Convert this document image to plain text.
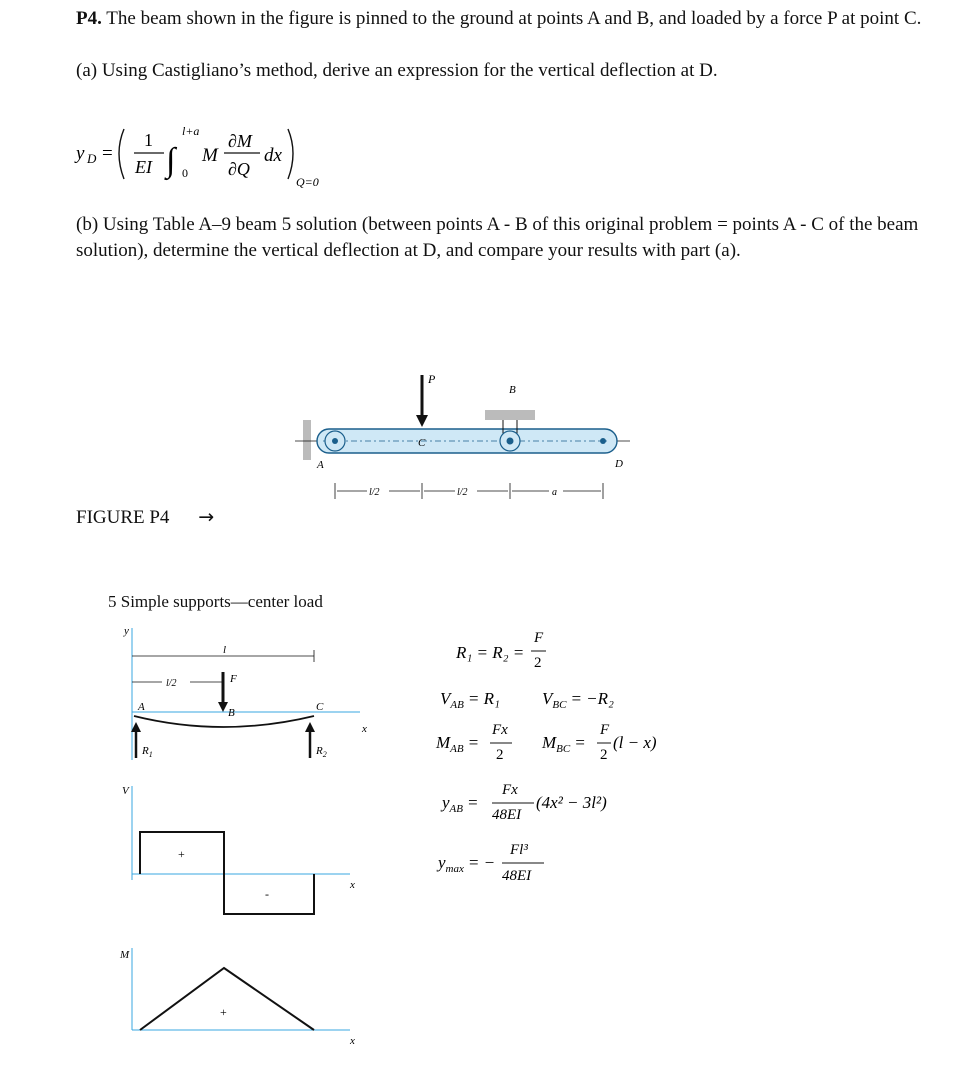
P4. The beam shown in the figure is pinned to the ground at points A and B, and loaded by a force P at point C.

(a) Using Castigliano’s method, derive an expression for the vertical deflection at D.

y D =
1
EI ∫
l+a
0
M
∂M
∂Q
dx
Q=0

(b) Using Table A–9 beam 5 solution (between points A - B of this original problem = points A - C of the beam solution), determine the vertical deflection at D, and compare your results with part (a).

FIGURE P4 →
P
A
B
C
D
l/2	l/2	a
5 Simple supports—center load
y
x
l
l/2	F
A	B	C
$R_1$	$R_2$
V
x
+
-
M
x
+
R₁ = R₂ =
F
2
$V_{AB} = R_1$ $V_{BC} = -R_2$
$M_{AB}$ =
Fx
2
$M_{BC}$ =
F
2
(l − x)
$y_{AB}$ =
Fx
48EI
(4x² − 3l²)
$y_{max}$ = −
Fl³
48EI
